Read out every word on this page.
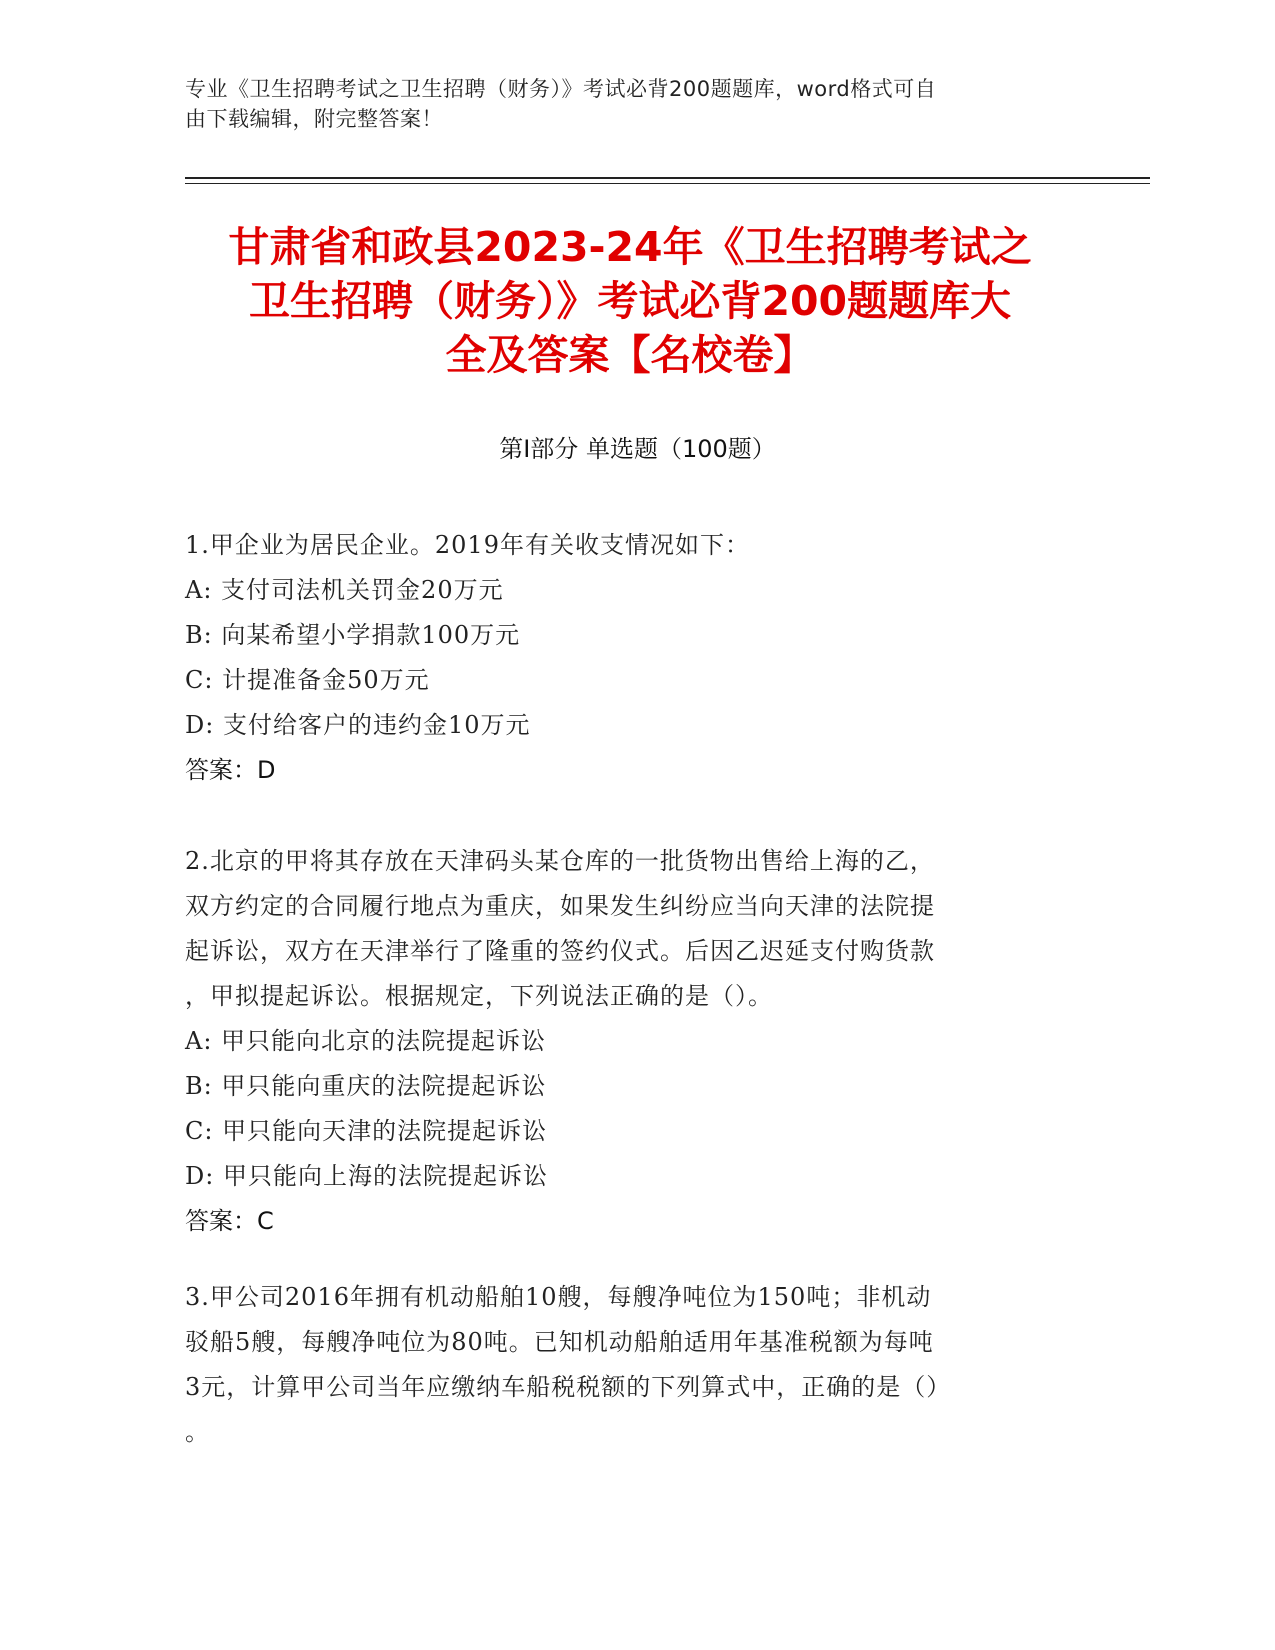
专业《卫生招聘考试之卫生招聘（财务）》考试必背200题题库，word格式可自
由下载编辑，附完整答案！
甘肃省和政县2023-24年《卫生招聘考试之
卫生招聘（财务）》考试必背200题题库大
全及答案【名校卷】
第Ⅰ部分 单选题（100题）
1.甲企业为居民企业。2019年有关收支情况如下：
A: 支付司法机关罚金20万元
B: 向某希望小学捐款100万元
C: 计提准备金50万元
D: 支付给客户的违约金10万元
答案：D
2.北京的甲将其存放在天津码头某仓库的一批货物出售给上海的乙，
双方约定的合同履行地点为重庆，如果发生纠纷应当向天津的法院提
起诉讼，双方在天津举行了隆重的签约仪式。后因乙迟延支付购货款
，甲拟提起诉讼。根据规定，下列说法正确的是（）。
A: 甲只能向北京的法院提起诉讼
B: 甲只能向重庆的法院提起诉讼
C: 甲只能向天津的法院提起诉讼
D: 甲只能向上海的法院提起诉讼
答案：C
3.甲公司2016年拥有机动船舶10艘，每艘净吨位为150吨；非机动
驳船5艘，每艘净吨位为80吨。已知机动船舶适用年基准税额为每吨
3元，计算甲公司当年应缴纳车船税税额的下列算式中，正确的是（）
。
